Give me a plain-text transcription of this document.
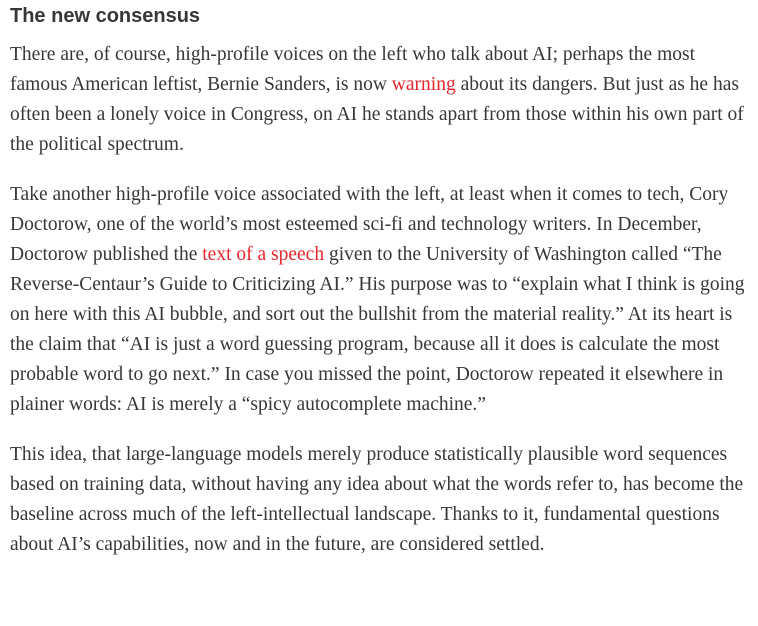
The new consensus

There are, of course, high-profile voices on the left who talk about AI; perhaps the most famous American leftist, Bernie Sanders, is now warning about its dangers. But just as he has often been a lonely voice in Congress, on AI he stands apart from those within his own part of the political spectrum.

Take another high-profile voice associated with the left, at least when it comes to tech, Cory Doctorow, one of the world’s most esteemed sci-fi and technology writers. In December, Doctorow published the text of a speech given to the University of Washington called “The Reverse-Centaur’s Guide to Criticizing AI.” His purpose was to “explain what I think is going on here with this AI bubble, and sort out the bullshit from the material reality.” At its heart is the claim that “AI is just a word guessing program, because all it does is calculate the most probable word to go next.” In case you missed the point, Doctorow repeated it elsewhere in plainer words: AI is merely a “spicy autocomplete machine.”

This idea, that large-language models merely produce statistically plausible word sequences based on training data, without having any idea about what the words refer to, has become the baseline across much of the left-intellectual landscape. Thanks to it, fundamental questions about AI’s capabilities, now and in the future, are considered settled.
